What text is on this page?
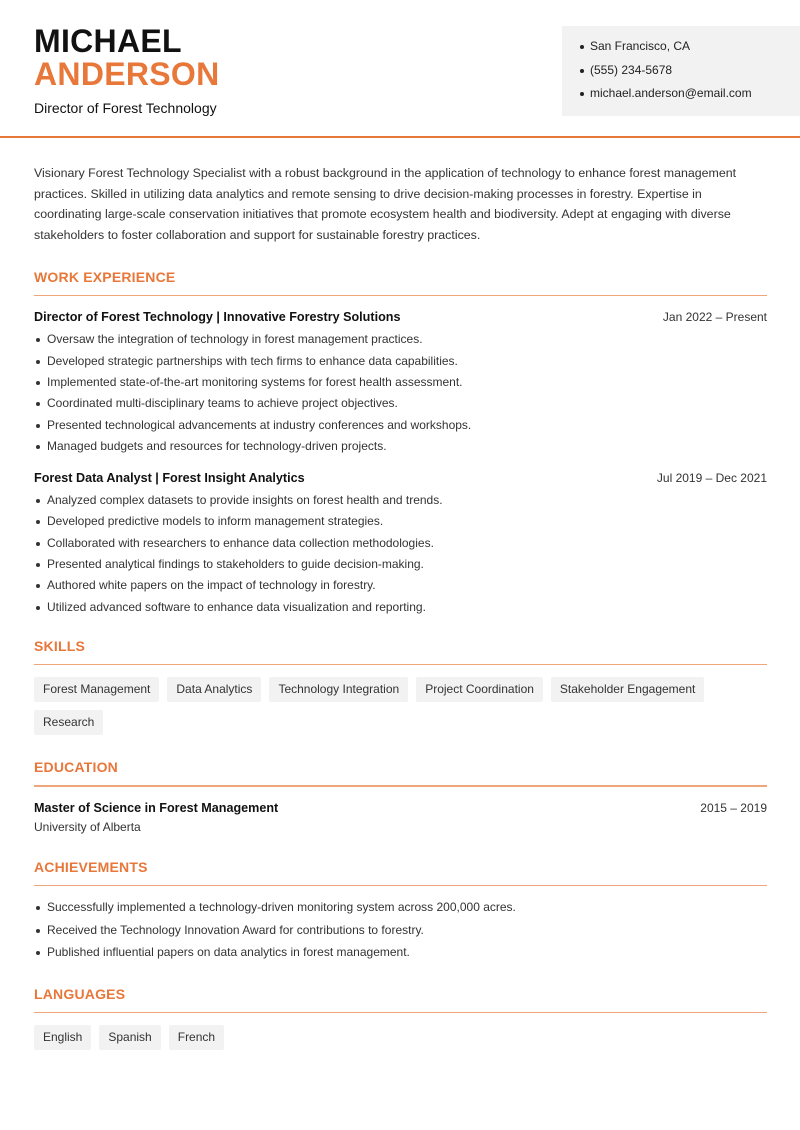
MICHAEL
ANDERSON
Director of Forest Technology
San Francisco, CA
(555) 234-5678
michael.anderson@email.com

Visionary Forest Technology Specialist with a robust background in the application of technology to enhance forest management practices. Skilled in utilizing data analytics and remote sensing to drive decision-making processes in forestry. Expertise in coordinating large-scale conservation initiatives that promote ecosystem health and biodiversity. Adept at engaging with diverse stakeholders to foster collaboration and support for sustainable forestry practices.

WORK EXPERIENCE
Director of Forest Technology | Innovative Forestry Solutions	Jan 2022 – Present
Oversaw the integration of technology in forest management practices.
Developed strategic partnerships with tech firms to enhance data capabilities.
Implemented state-of-the-art monitoring systems for forest health assessment.
Coordinated multi-disciplinary teams to achieve project objectives.
Presented technological advancements at industry conferences and workshops.
Managed budgets and resources for technology-driven projects.
Forest Data Analyst | Forest Insight Analytics	Jul 2019 – Dec 2021
Analyzed complex datasets to provide insights on forest health and trends.
Developed predictive models to inform management strategies.
Collaborated with researchers to enhance data collection methodologies.
Presented analytical findings to stakeholders to guide decision-making.
Authored white papers on the impact of technology in forestry.
Utilized advanced software to enhance data visualization and reporting.
SKILLS
Forest Management	Data Analytics	Technology Integration	Project Coordination	Stakeholder Engagement
Research
EDUCATION
Master of Science in Forest Management	2015 – 2019
University of Alberta
ACHIEVEMENTS
Successfully implemented a technology-driven monitoring system across 200,000 acres.
Received the Technology Innovation Award for contributions to forestry.
Published influential papers on data analytics in forest management.
LANGUAGES
English	Spanish	French
